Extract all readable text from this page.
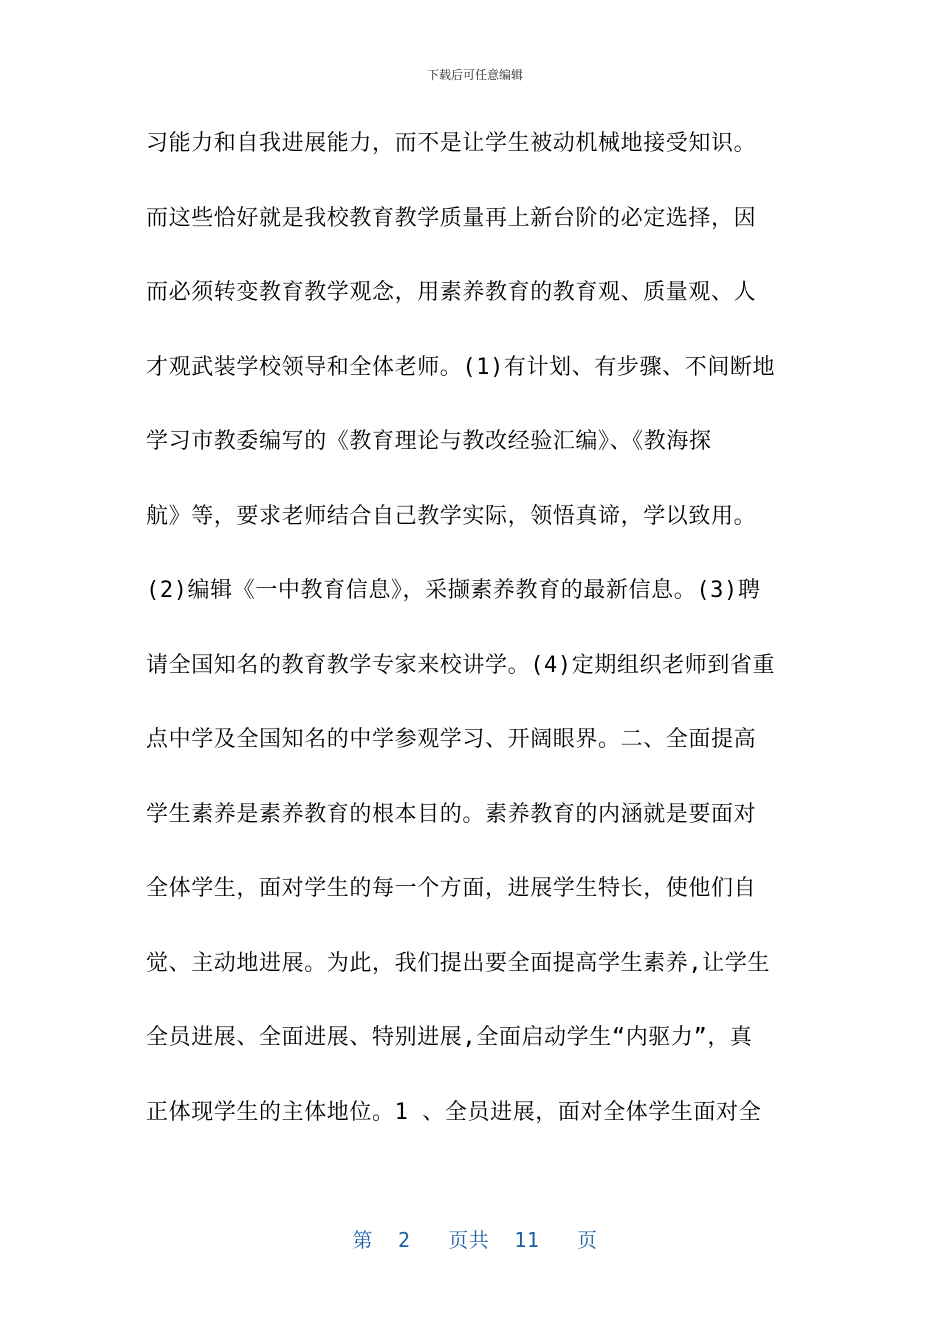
下载后可任意编辑
习能力和自我进展能力，而不是让学生被动机械地接受知识。
而这些恰好就是我校教育教学质量再上新台阶的必定选择，因
而必须转变教育教学观念，用素养教育的教育观、质量观、人
才观武装学校领导和全体老师。(1)有计划、有步骤、不间断地
学习市教委编写的《教育理论与教改经验汇编》、《教海探
航》等，要求老师结合自己教学实际，领悟真谛，学以致用。
(2)编辑《一中教育信息》，采撷素养教育的最新信息。(3)聘
请全国知名的教育教学专家来校讲学。(4)定期组织老师到省重
点中学及全国知名的中学参观学习、开阔眼界。二、全面提高
学生素养是素养教育的根本目的。素养教育的内涵就是要面对
全体学生，面对学生的每一个方面，进展学生特长，使他们自
觉、主动地进展。为此，我们提出要全面提高学生素养,让学生
全员进展、全面进展、特别进展,全面启动学生“内驱力”，真
正体现学生的主体地位。1 、全员进展，面对全体学生面对全
第  2   页共  11   页
